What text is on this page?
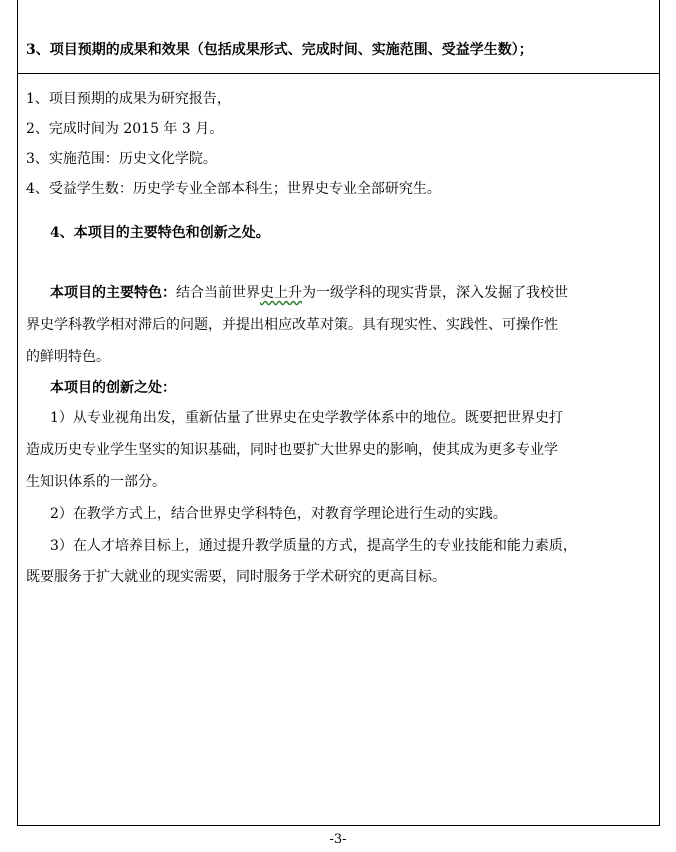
3、项目预期的成果和效果（包括成果形式、完成时间、实施范围、受益学生数）；
1、项目预期的成果为研究报告，
2、完成时间为 2015 年 3 月。
3、实施范围：历史文化学院。
4、受益学生数：历史学专业全部本科生；世界史专业全部研究生。
4、本项目的主要特色和创新之处。
本项目的主要特色：结合当前世界史上升为一级学科的现实背景，深入发掘了我校世
界史学科教学相对滞后的问题，并提出相应改革对策。具有现实性、实践性、可操作性
的鲜明特色。
本项目的创新之处：
1）从专业视角出发，重新估量了世界史在史学教学体系中的地位。既要把世界史打
造成历史专业学生坚实的知识基础，同时也要扩大世界史的影响，使其成为更多专业学
生知识体系的一部分。
2）在教学方式上，结合世界史学科特色，对教育学理论进行生动的实践。
3）在人才培养目标上，通过提升教学质量的方式，提高学生的专业技能和能力素质，
既要服务于扩大就业的现实需要，同时服务于学术研究的更高目标。
-3-
